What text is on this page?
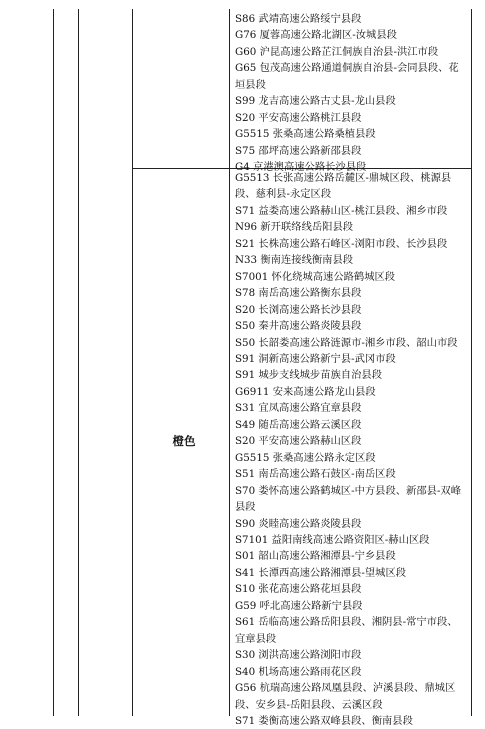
S86 武靖高速公路绥宁县段
G76 厦蓉高速公路北湖区-汝城县段
G60 沪昆高速公路芷江侗族自治县-洪江市段
G65 包茂高速公路通道侗族自治县-会同县段、花垣县段
S99 龙吉高速公路古丈县-龙山县段
S20 平安高速公路桃江县段
G5515 张桑高速公路桑植县段
S75 邵坪高速公路新邵县段
G4 京港澳高速公路长沙县段
橙色
G5513 长张高速公路岳麓区-鼎城区段、桃源县段、慈利县-永定区段
S71 益娄高速公路赫山区-桃江县段、湘乡市段
N96 新开联络线岳阳县段
S21 长株高速公路石峰区-浏阳市段、长沙县段
N33 衡南连接线衡南县段
S7001 怀化绕城高速公路鹤城区段
S78 南岳高速公路衡东县段
S20 长浏高速公路长沙县段
S50 秦井高速公路炎陵县段
S50 长韶娄高速公路涟源市-湘乡市段、韶山市段
S91 洞新高速公路新宁县-武冈市段
S91 城步支线城步苗族自治县段
G6911 安来高速公路龙山县段
S31 宜凤高速公路宜章县段
S49 随岳高速公路云溪区段
S20 平安高速公路赫山区段
G5515 张桑高速公路永定区段
S51 南岳高速公路石鼓区-南岳区段
S70 娄怀高速公路鹤城区-中方县段、新邵县-双峰县段
S90 炎睦高速公路炎陵县段
S7101 益阳南线高速公路资阳区-赫山区段
S01 韶山高速公路湘潭县-宁乡县段
S41 长潭西高速公路湘潭县-望城区段
S10 张花高速公路花垣县段
G59 呼北高速公路新宁县段
S61 岳临高速公路岳阳县段、湘阴县-常宁市段、宜章县段
S30 浏洪高速公路浏阳市段
S40 机场高速公路雨花区段
G56 杭瑞高速公路凤凰县段、泸溪县段、鼎城区段、安乡县-岳阳县段、云溪区段
S71 娄衡高速公路双峰县段、衡南县段
